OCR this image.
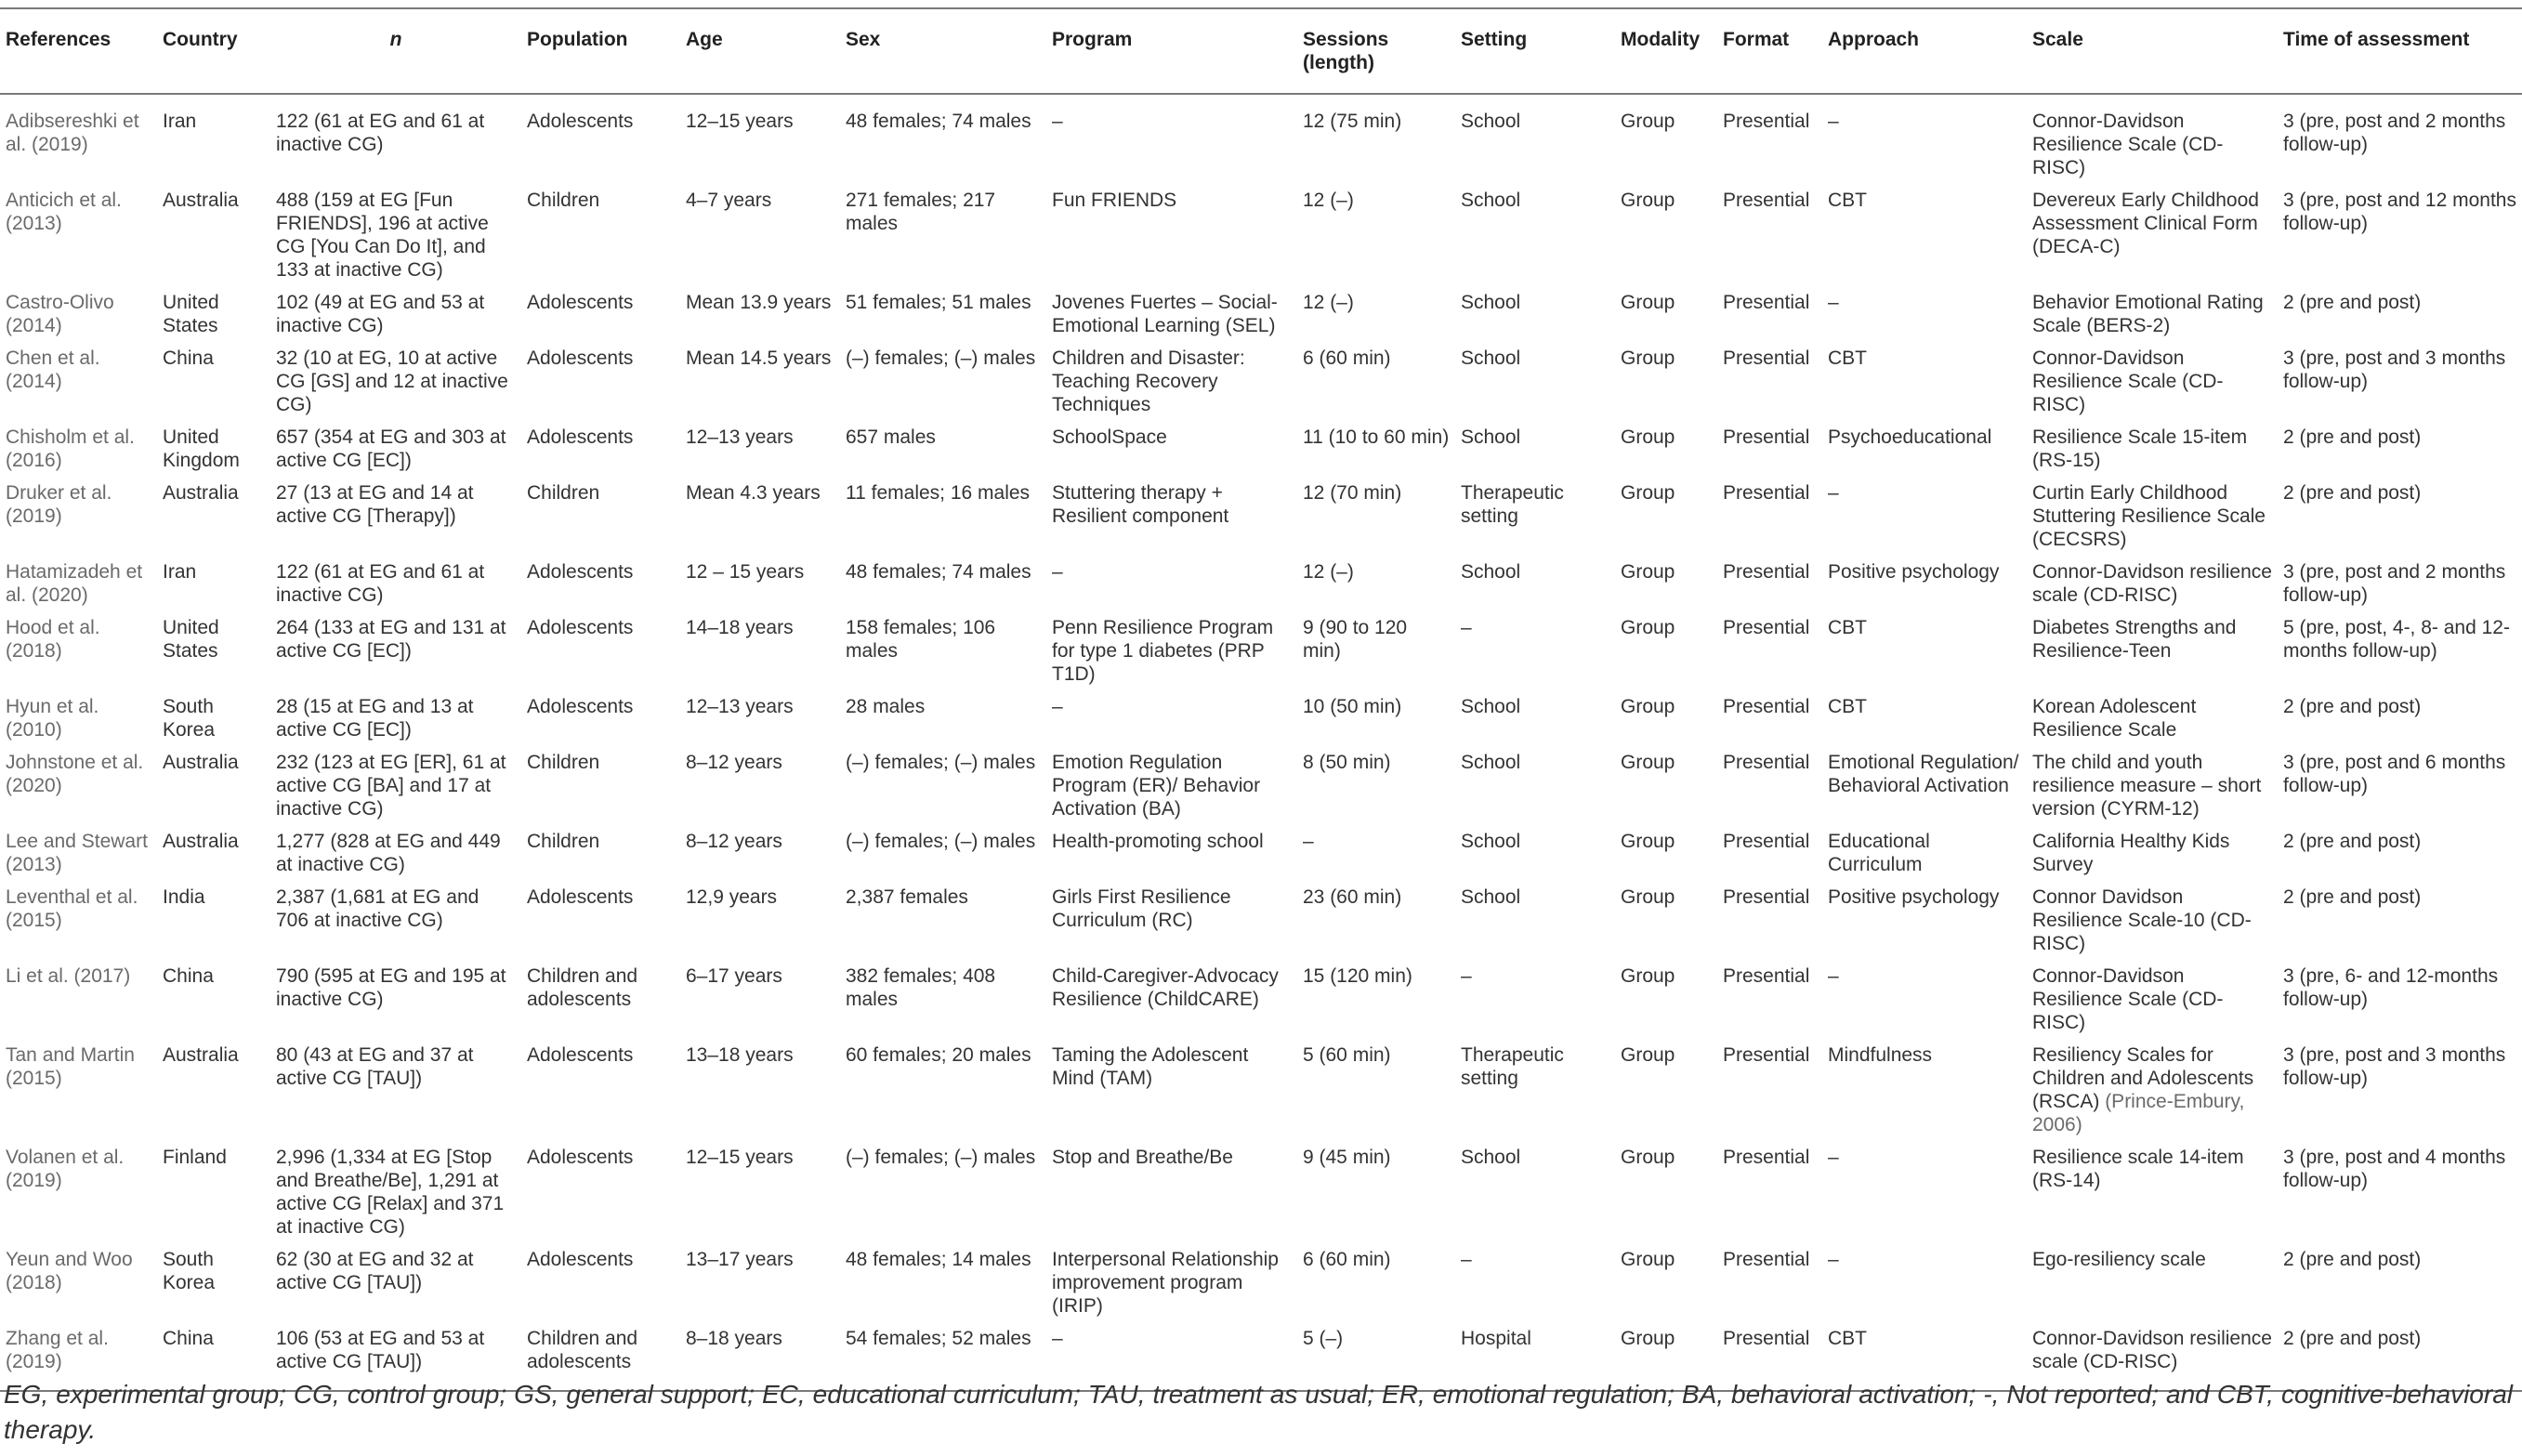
References	Country	n	Population	Age	Sex	Program	Sessions (length)	Setting	Modality	Format	Approach	Scale	Time of assessment
Adibsereshki et al. (2019)	Iran	122 (61 at EG and 61 at inactive CG)	Adolescents	12–15 years	48 females; 74 males	–	12 (75 min)	School	Group	Presential	–	Connor-Davidson Resilience Scale (CD-RISC)	3 (pre, post and 2 months follow-up)
Anticich et al. (2013)	Australia	488 (159 at EG [Fun FRIENDS], 196 at active CG [You Can Do It], and 133 at inactive CG)	Children	4–7 years	271 females; 217 males	Fun FRIENDS	12 (–)	School	Group	Presential	CBT	Devereux Early Childhood Assessment Clinical Form (DECA-C)	3 (pre, post and 12 months follow-up)
Castro-Olivo (2014)	United States	102 (49 at EG and 53 at inactive CG)	Adolescents	Mean 13.9 years	51 females; 51 males	Jovenes Fuertes – Social-Emotional Learning (SEL)	12 (–)	School	Group	Presential	–	Behavior Emotional Rating Scale (BERS-2)	2 (pre and post)
Chen et al. (2014)	China	32 (10 at EG, 10 at active CG [GS] and 12 at inactive CG)	Adolescents	Mean 14.5 years	(–) females; (–) males	Children and Disaster: Teaching Recovery Techniques	6 (60 min)	School	Group	Presential	CBT	Connor-Davidson Resilience Scale (CD-RISC)	3 (pre, post and 3 months follow-up)
Chisholm et al. (2016)	United Kingdom	657 (354 at EG and 303 at active CG [EC])	Adolescents	12–13 years	657 males	SchoolSpace	11 (10 to 60 min)	School	Group	Presential	Psychoeducational	Resilience Scale 15-item (RS-15)	2 (pre and post)
Druker et al. (2019)	Australia	27 (13 at EG and 14 at active CG [Therapy])	Children	Mean 4.3 years	11 females; 16 males	Stuttering therapy + Resilient component	12 (70 min)	Therapeutic setting	Group	Presential	–	Curtin Early Childhood Stuttering Resilience Scale (CECSRS)	2 (pre and post)
Hatamizadeh et al. (2020)	Iran	122 (61 at EG and 61 at inactive CG)	Adolescents	12 – 15 years	48 females; 74 males	–	12 (–)	School	Group	Presential	Positive psychology	Connor-Davidson resilience scale (CD-RISC)	3 (pre, post and 2 months follow-up)
Hood et al. (2018)	United States	264 (133 at EG and 131 at active CG [EC])	Adolescents	14–18 years	158 females; 106 males	Penn Resilience Program for type 1 diabetes (PRP T1D)	9 (90 to 120 min)	–	Group	Presential	CBT	Diabetes Strengths and Resilience-Teen	5 (pre, post, 4-, 8- and 12-months follow-up)
Hyun et al. (2010)	South Korea	28 (15 at EG and 13 at active CG [EC])	Adolescents	12–13 years	28 males	–	10 (50 min)	School	Group	Presential	CBT	Korean Adolescent Resilience Scale	2 (pre and post)
Johnstone et al. (2020)	Australia	232 (123 at EG [ER], 61 at active CG [BA] and 17 at inactive CG)	Children	8–12 years	(–) females; (–) males	Emotion Regulation Program (ER)/ Behavior Activation (BA)	8 (50 min)	School	Group	Presential	Emotional Regulation/ Behavioral Activation	The child and youth resilience measure – short version (CYRM-12)	3 (pre, post and 6 months follow-up)
Lee and Stewart (2013)	Australia	1,277 (828 at EG and 449 at inactive CG)	Children	8–12 years	(–) females; (–) males	Health-promoting school	–	School	Group	Presential	Educational Curriculum	California Healthy Kids Survey	2 (pre and post)
Leventhal et al. (2015)	India	2,387 (1,681 at EG and 706 at inactive CG)	Adolescents	12,9 years	2,387 females	Girls First Resilience Curriculum (RC)	23 (60 min)	School	Group	Presential	Positive psychology	Connor Davidson Resilience Scale-10 (CD-RISC)	2 (pre and post)
Li et al. (2017)	China	790 (595 at EG and 195 at inactive CG)	Children and adolescents	6–17 years	382 females; 408 males	Child-Caregiver-Advocacy Resilience (ChildCARE)	15 (120 min)	–	Group	Presential	–	Connor-Davidson Resilience Scale (CD-RISC)	3 (pre, 6- and 12-months follow-up)
Tan and Martin (2015)	Australia	80 (43 at EG and 37 at active CG [TAU])	Adolescents	13–18 years	60 females; 20 males	Taming the Adolescent Mind (TAM)	5 (60 min)	Therapeutic setting	Group	Presential	Mindfulness	Resiliency Scales for Children and Adolescents (RSCA) (Prince-Embury, 2006)	3 (pre, post and 3 months follow-up)
Volanen et al. (2019)	Finland	2,996 (1,334 at EG [Stop and Breathe/Be], 1,291 at active CG [Relax] and 371 at inactive CG)	Adolescents	12–15 years	(–) females; (–) males	Stop and Breathe/Be	9 (45 min)	School	Group	Presential	–	Resilience scale 14-item (RS-14)	3 (pre, post and 4 months follow-up)
Yeun and Woo (2018)	South Korea	62 (30 at EG and 32 at active CG [TAU])	Adolescents	13–17 years	48 females; 14 males	Interpersonal Relationship improvement program (IRIP)	6 (60 min)	–	Group	Presential	–	Ego-resiliency scale	2 (pre and post)
Zhang et al. (2019)	China	106 (53 at EG and 53 at active CG [TAU])	Children and adolescents	8–18 years	54 females; 52 males	–	5 (–)	Hospital	Group	Presential	CBT	Connor-Davidson resilience scale (CD-RISC)	2 (pre and post)
EG, experimental group; CG, control group; GS, general support; EC, educational curriculum; TAU, treatment as usual; ER, emotional regulation; BA, behavioral activation; -, Not reported; and CBT, cognitive-behavioral therapy.
